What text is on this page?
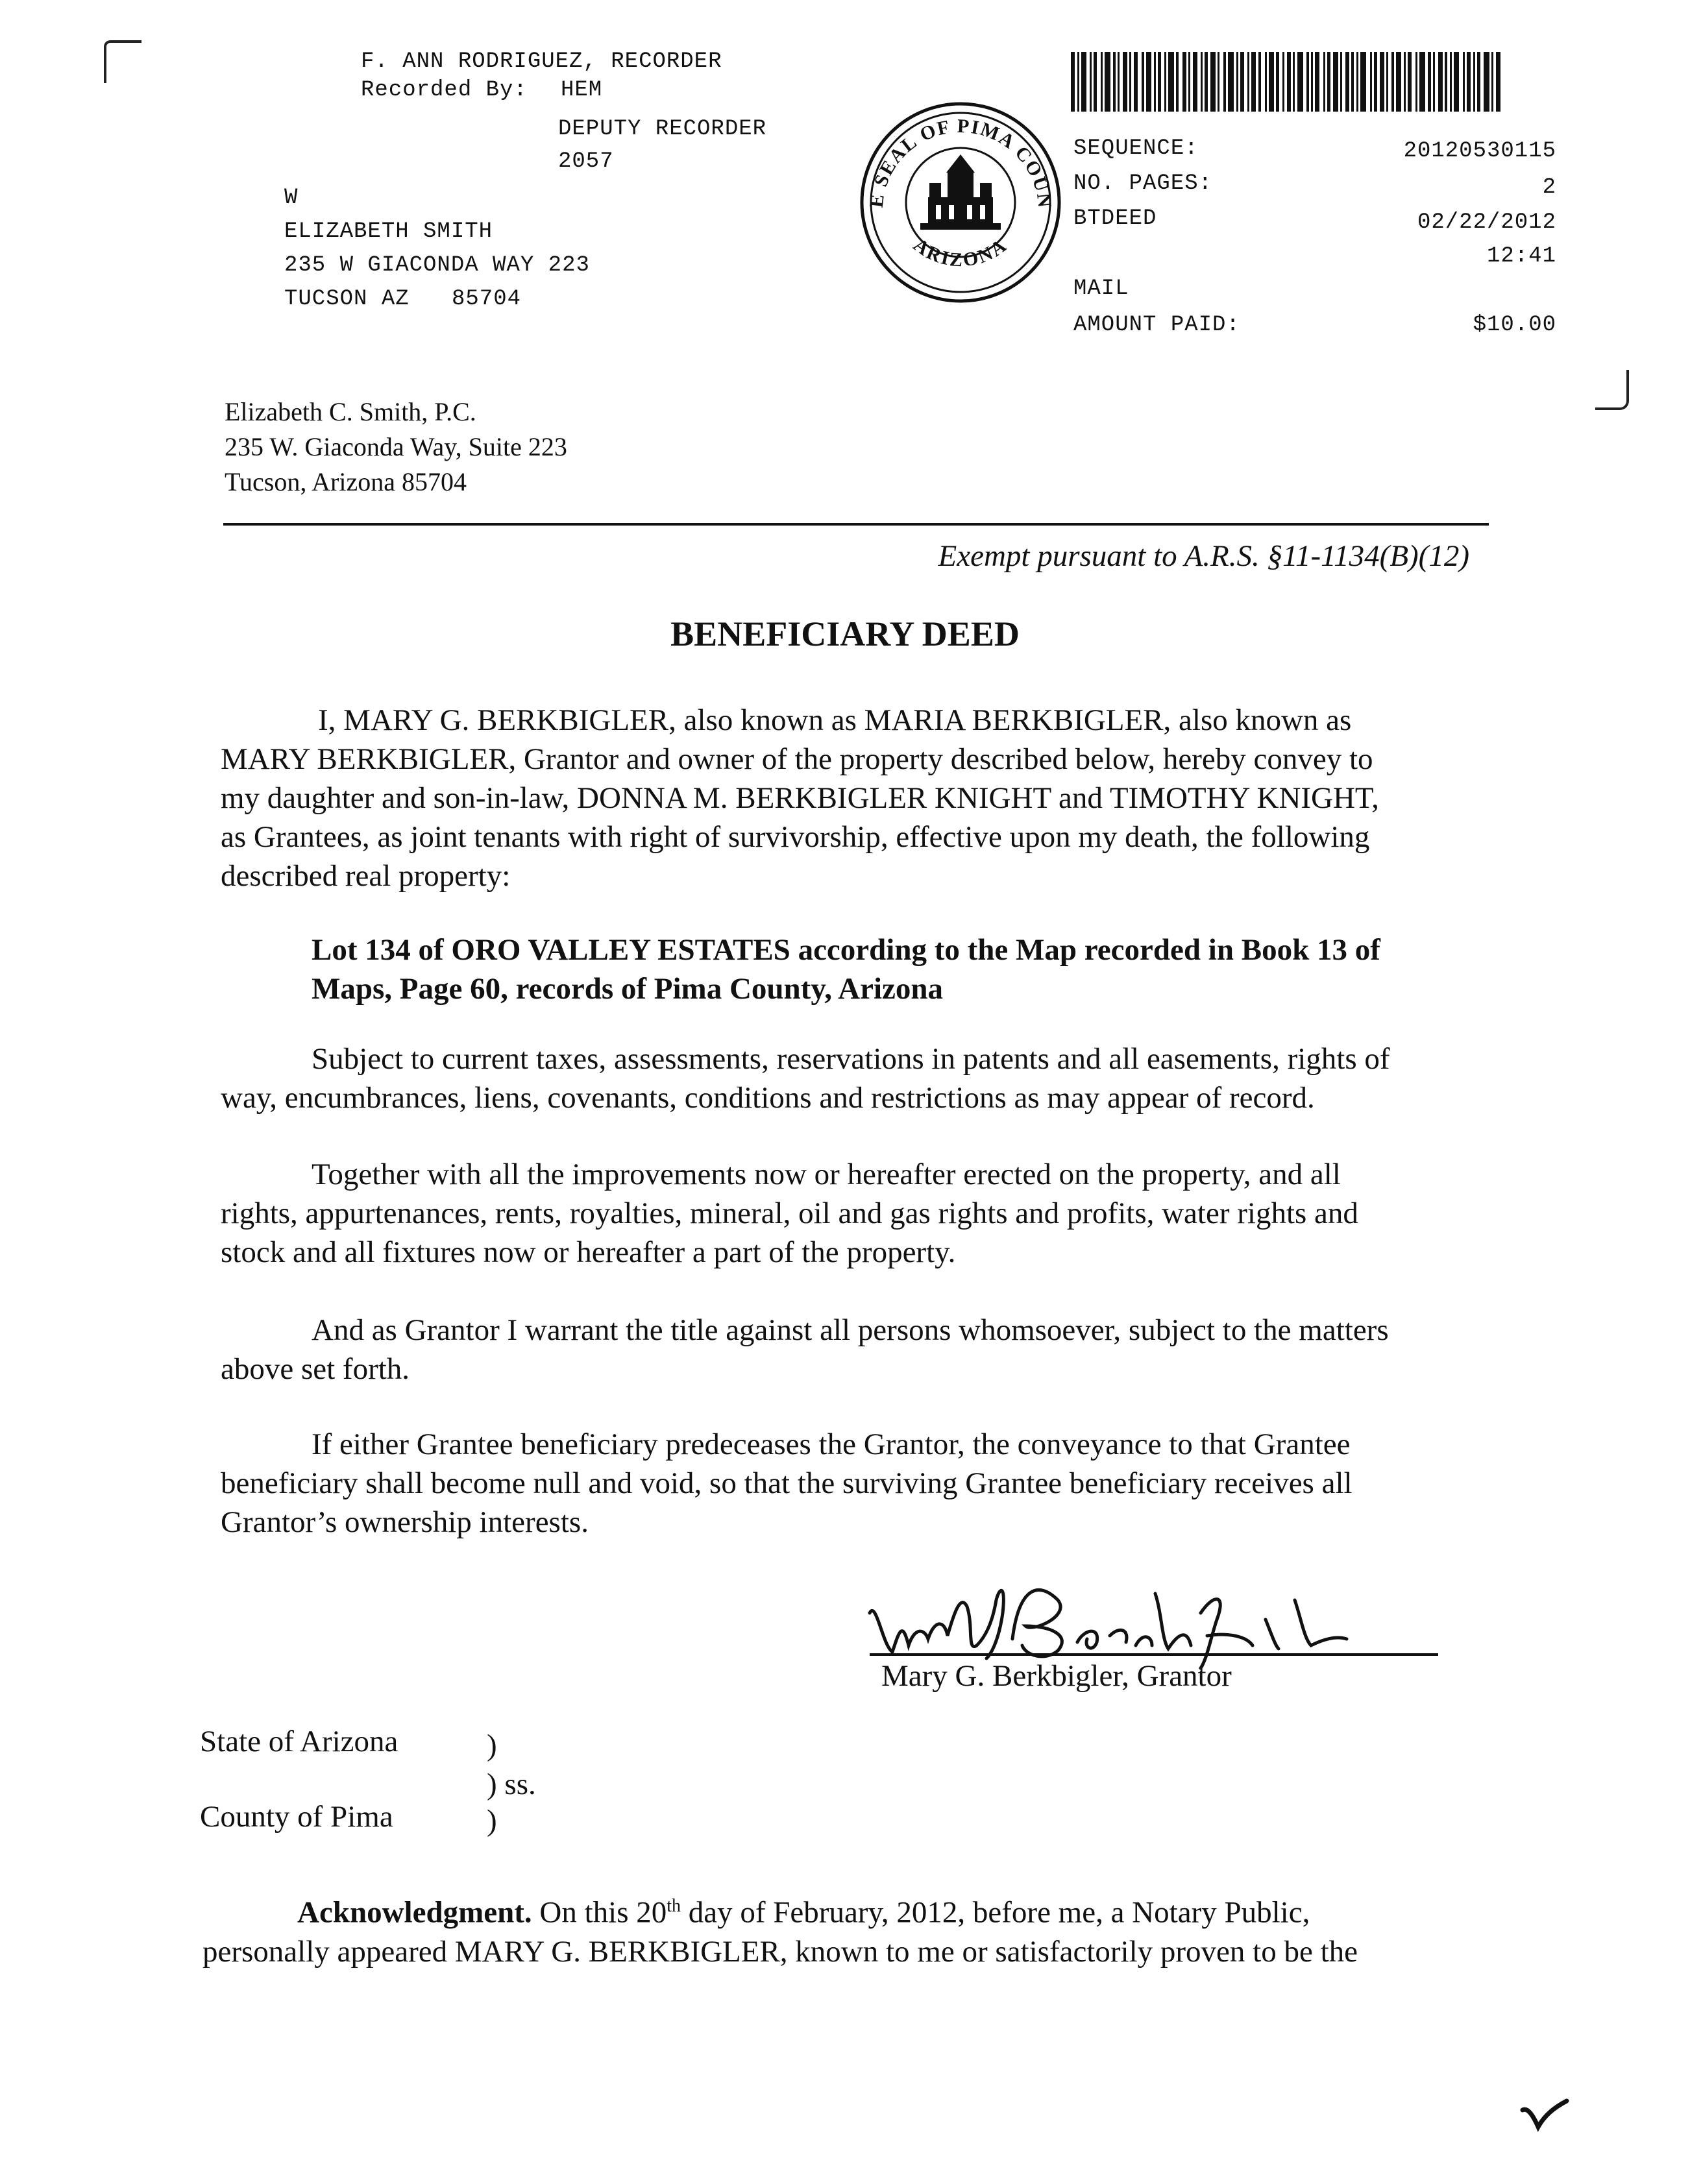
F. ANN RODRIGUEZ, RECORDER
Recorded By: HEM
DEPUTY RECORDER
2057
W
ELIZABETH SMITH
235 W GIACONDA WAY 223
TUCSON AZ 85704
E SEAL OF PIMA COUN
ARIZONA
SEQUENCE:	20120530115
NO. PAGES:	2
BTDEED	02/22/2012
12:41
MAIL
AMOUNT PAID:	$10.00
Elizabeth C. Smith, P.C.
235 W. Giaconda Way, Suite 223
Tucson, Arizona 85704
Exempt pursuant to A.R.S. §11-1134(B)(12)
BENEFICIARY DEED
I, MARY G. BERKBIGLER, also known as MARIA BERKBIGLER, also known as
MARY BERKBIGLER, Grantor and owner of the property described below, hereby convey to
my daughter and son-in-law, DONNA M. BERKBIGLER KNIGHT and TIMOTHY KNIGHT,
as Grantees, as joint tenants with right of survivorship, effective upon my death, the following
described real property:
Lot 134 of ORO VALLEY ESTATES according to the Map recorded in Book 13 of
Maps, Page 60, records of Pima County, Arizona
Subject to current taxes, assessments, reservations in patents and all easements, rights of
way, encumbrances, liens, covenants, conditions and restrictions as may appear of record.
Together with all the improvements now or hereafter erected on the property, and all
rights, appurtenances, rents, royalties, mineral, oil and gas rights and profits, water rights and
stock and all fixtures now or hereafter a part of the property.
And as Grantor I warrant the title against all persons whomsoever, subject to the matters
above set forth.
If either Grantee beneficiary predeceases the Grantor, the conveyance to that Grantee
beneficiary shall become null and void, so that the surviving Grantee beneficiary receives all
Grantor’s ownership interests.
Mary G. Berkbigler, Grantor
State of Arizona	)
) ss.
County of Pima	)
Acknowledgment. On this 20th day of February, 2012, before me, a Notary Public,
personally appeared MARY G. BERKBIGLER, known to me or satisfactorily proven to be the
